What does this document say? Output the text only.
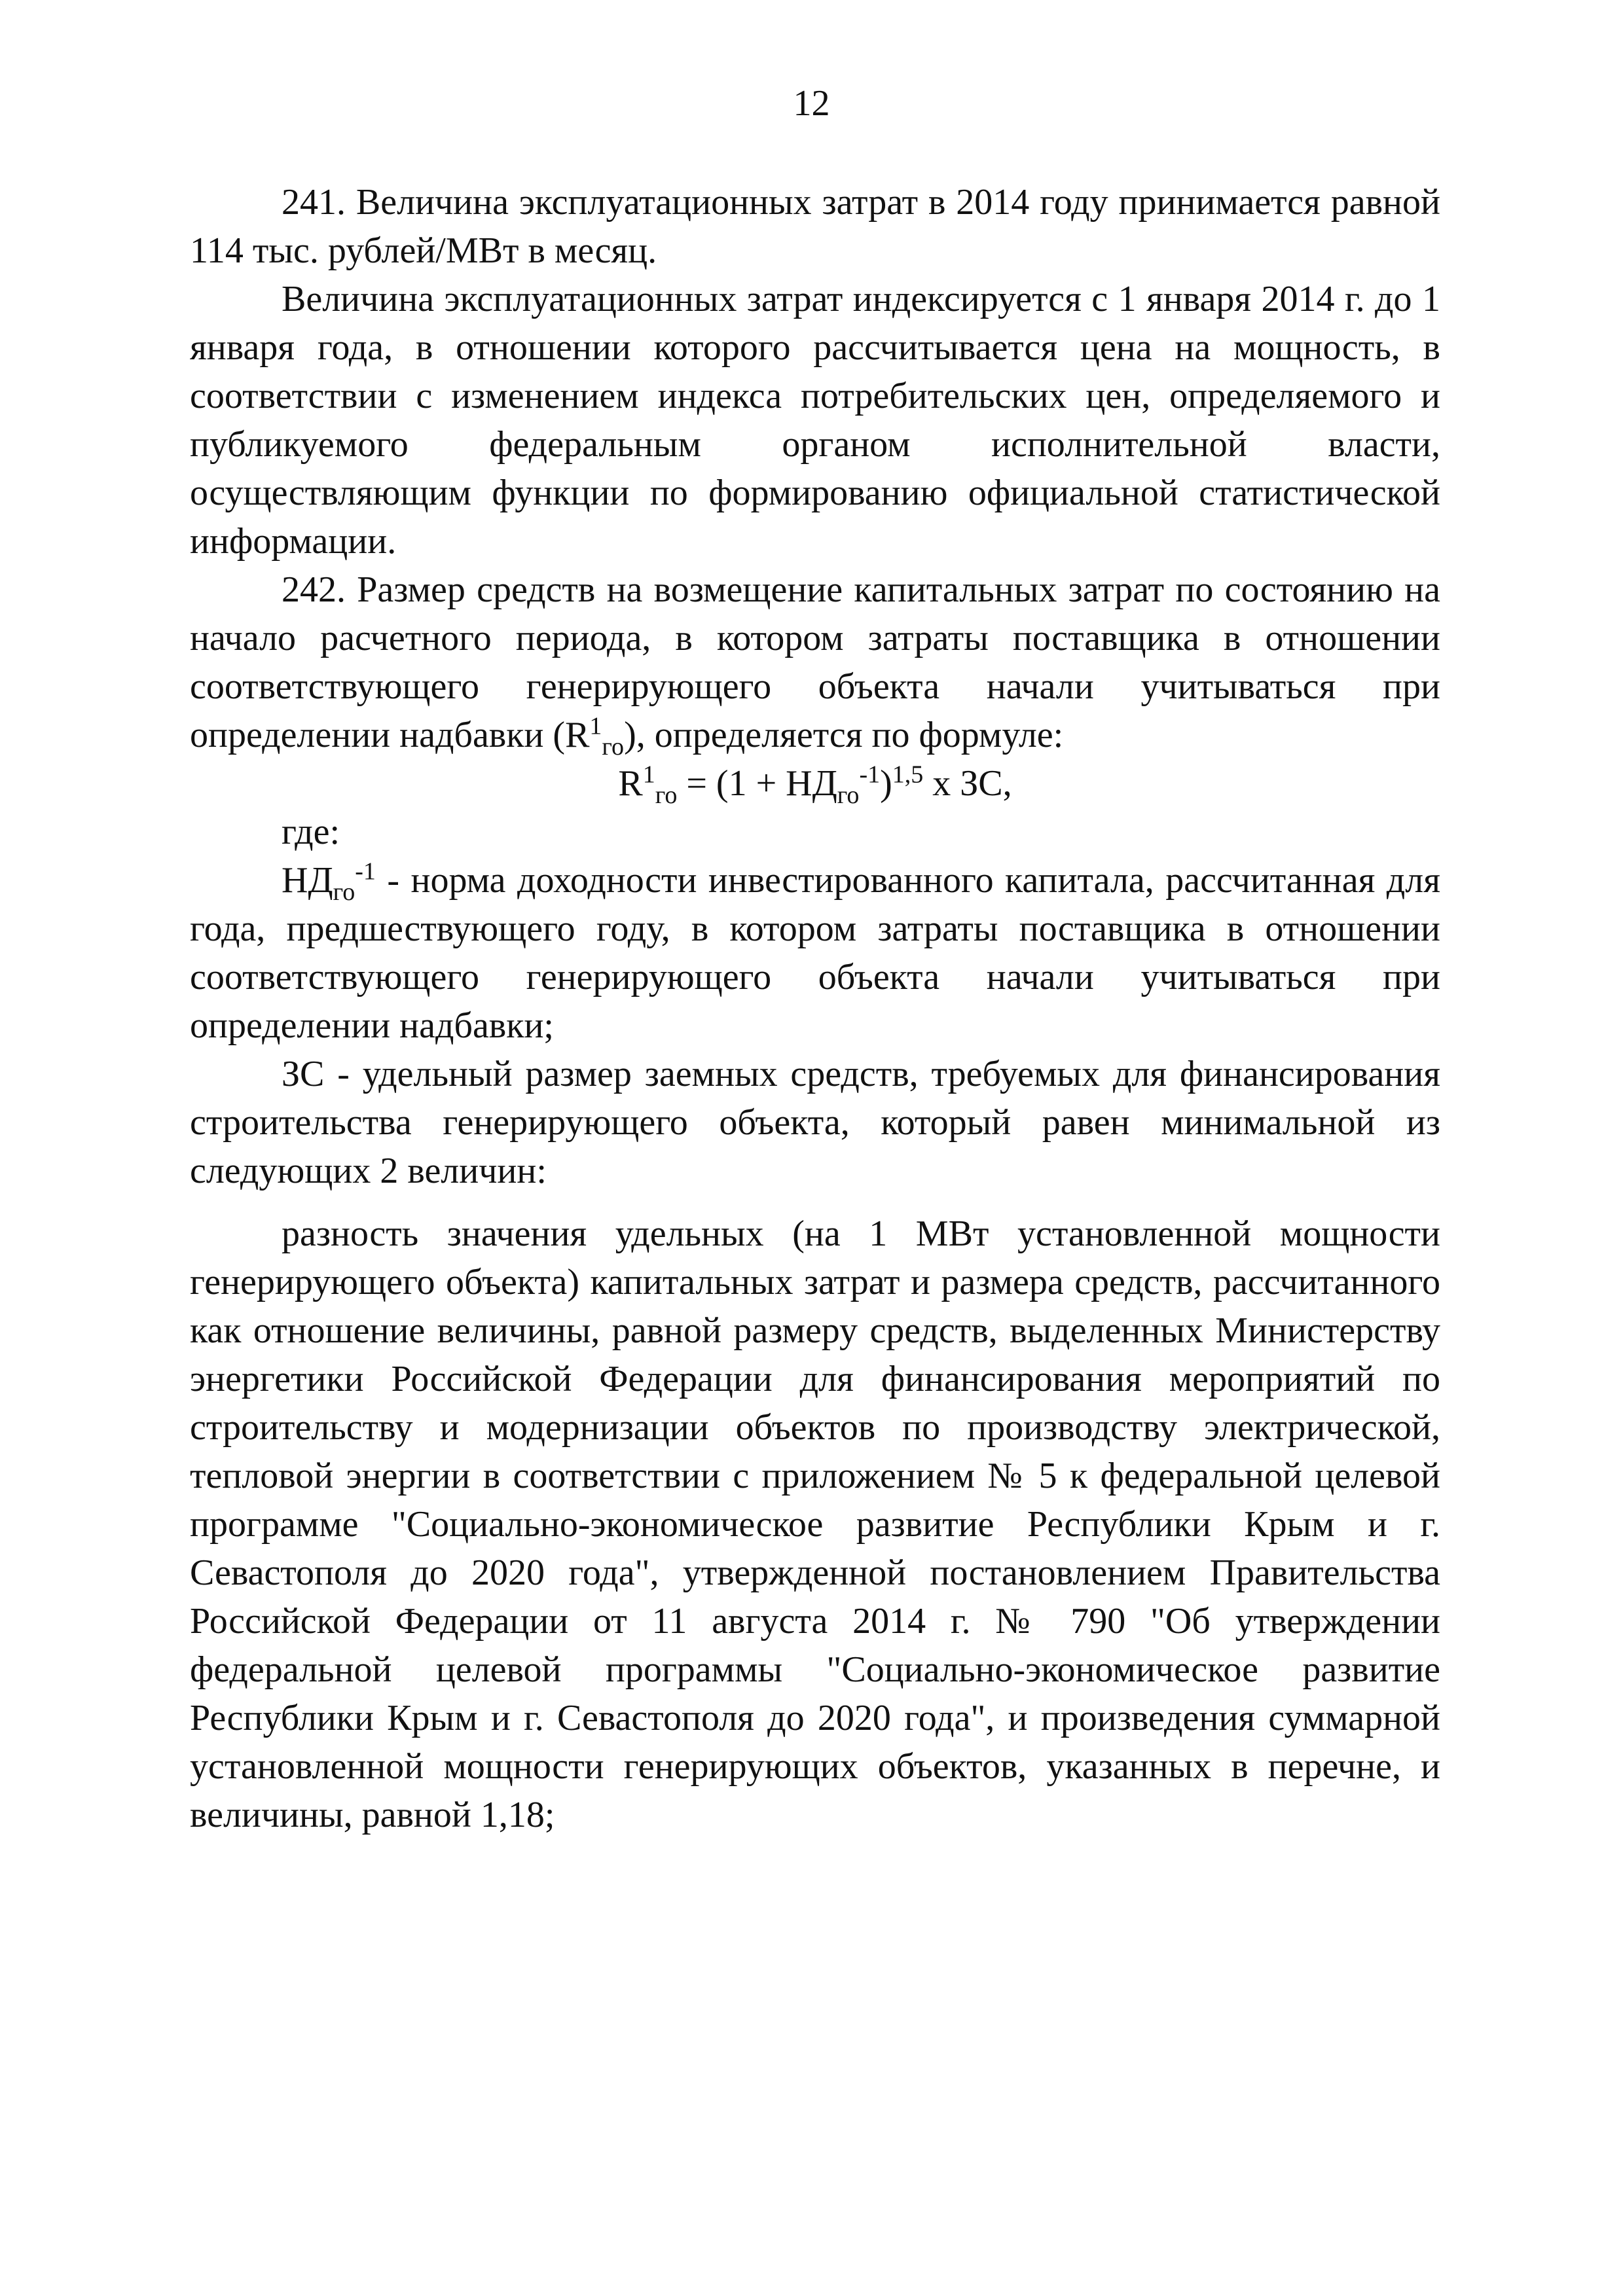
12

241. Величина эксплуатационных затрат в 2014 году принимается равной 114 тыс. рублей/МВт в месяц.

Величина эксплуатационных затрат индексируется с 1 января 2014 г. до 1 января года, в отношении которого рассчитывается цена на мощность, в соответствии с изменением индекса потребительских цен, определяемого и публикуемого федеральным органом исполнительной власти, осуществляющим функции по формированию официальной статистической информации.

242. Размер средств на возмещение капитальных затрат по состоянию на начало расчетного периода, в котором затраты поставщика в отношении соответствующего генерирующего объекта начали учитываться при определении надбавки $(R^1_{го})$, определяется по формуле:

$R^1_{го} = (1 + НД_{го}^{-1})^{1,5}$ x ЗС,

где:

$НД_{го}^{-1}$ - норма доходности инвестированного капитала, рассчитанная для года, предшествующего году, в котором затраты поставщика в отношении соответствующего генерирующего объекта начали учитываться при определении надбавки;

ЗС - удельный размер заемных средств, требуемых для финансирования строительства генерирующего объекта, который равен минимальной из следующих 2 величин:

разность значения удельных (на 1 МВт установленной мощности генерирующего объекта) капитальных затрат и размера средств, рассчитанного как отношение величины, равной размеру средств, выделенных Министерству энергетики Российской Федерации для финансирования мероприятий по строительству и модернизации объектов по производству электрической, тепловой энергии в соответствии с приложением № 5 к федеральной целевой программе "Социально-экономическое развитие Республики Крым и г. Севастополя до 2020 года", утвержденной постановлением Правительства Российской Федерации от 11 августа 2014 г. № 790 "Об утверждении федеральной целевой программы "Социально-экономическое развитие Республики Крым и г. Севастополя до 2020 года", и произведения суммарной установленной мощности генерирующих объектов, указанных в перечне, и величины, равной 1,18;
